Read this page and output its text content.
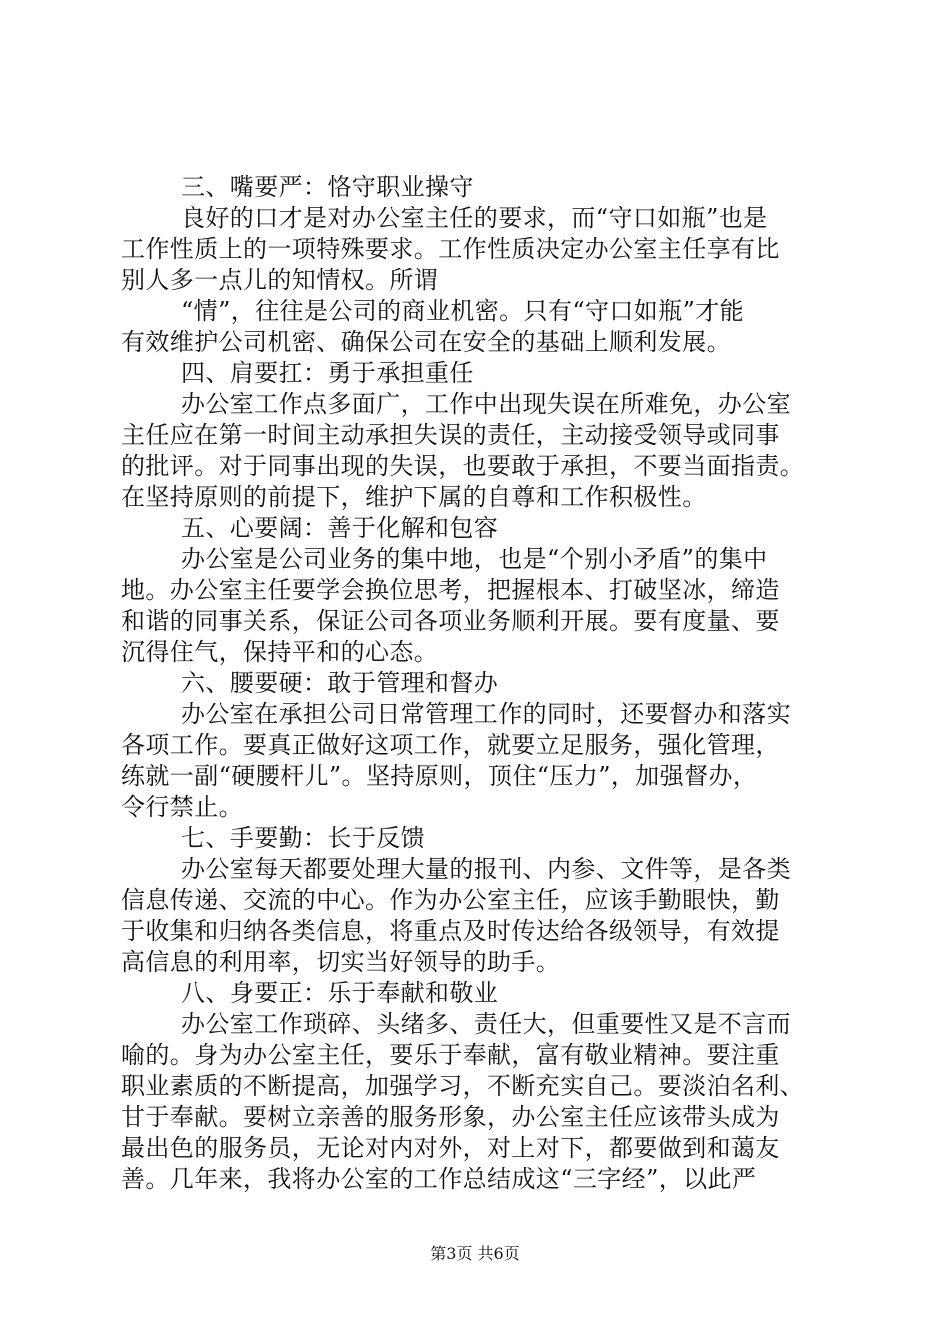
三、嘴要严：恪守职业操守
良好的口才是对办公室主任的要求，而“守口如瓶”也是
工作性质上的一项特殊要求。工作性质决定办公室主任享有比
别人多一点儿的知情权。所谓
“情”，往往是公司的商业机密。只有“守口如瓶”才能
有效维护公司机密、确保公司在安全的基础上顺利发展。
四、肩要扛：勇于承担重任
办公室工作点多面广，工作中出现失误在所难免，办公室
主任应在第一时间主动承担失误的责任，主动接受领导或同事
的批评。对于同事出现的失误，也要敢于承担，不要当面指责。
在坚持原则的前提下，维护下属的自尊和工作积极性。
五、心要阔：善于化解和包容
办公室是公司业务的集中地，也是“个别小矛盾”的集中
地。办公室主任要学会换位思考，把握根本、打破坚冰，缔造
和谐的同事关系，保证公司各项业务顺利开展。要有度量、要
沉得住气，保持平和的心态。
六、腰要硬：敢于管理和督办
办公室在承担公司日常管理工作的同时，还要督办和落实
各项工作。要真正做好这项工作，就要立足服务，强化管理，
练就一副“硬腰杆儿”。坚持原则，顶住“压力”，加强督办，
令行禁止。
七、手要勤：长于反馈
办公室每天都要处理大量的报刊、内参、文件等，是各类
信息传递、交流的中心。作为办公室主任，应该手勤眼快，勤
于收集和归纳各类信息，将重点及时传达给各级领导，有效提
高信息的利用率，切实当好领导的助手。
八、身要正：乐于奉献和敬业
办公室工作琐碎、头绪多、责任大，但重要性又是不言而
喻的。身为办公室主任，要乐于奉献，富有敬业精神。要注重
职业素质的不断提高，加强学习，不断充实自己。要淡泊名利、
甘于奉献。要树立亲善的服务形象，办公室主任应该带头成为
最出色的服务员，无论对内对外，对上对下，都要做到和蔼友
善。几年来，我将办公室的工作总结成这“三字经”，以此严
第3页 共6页
